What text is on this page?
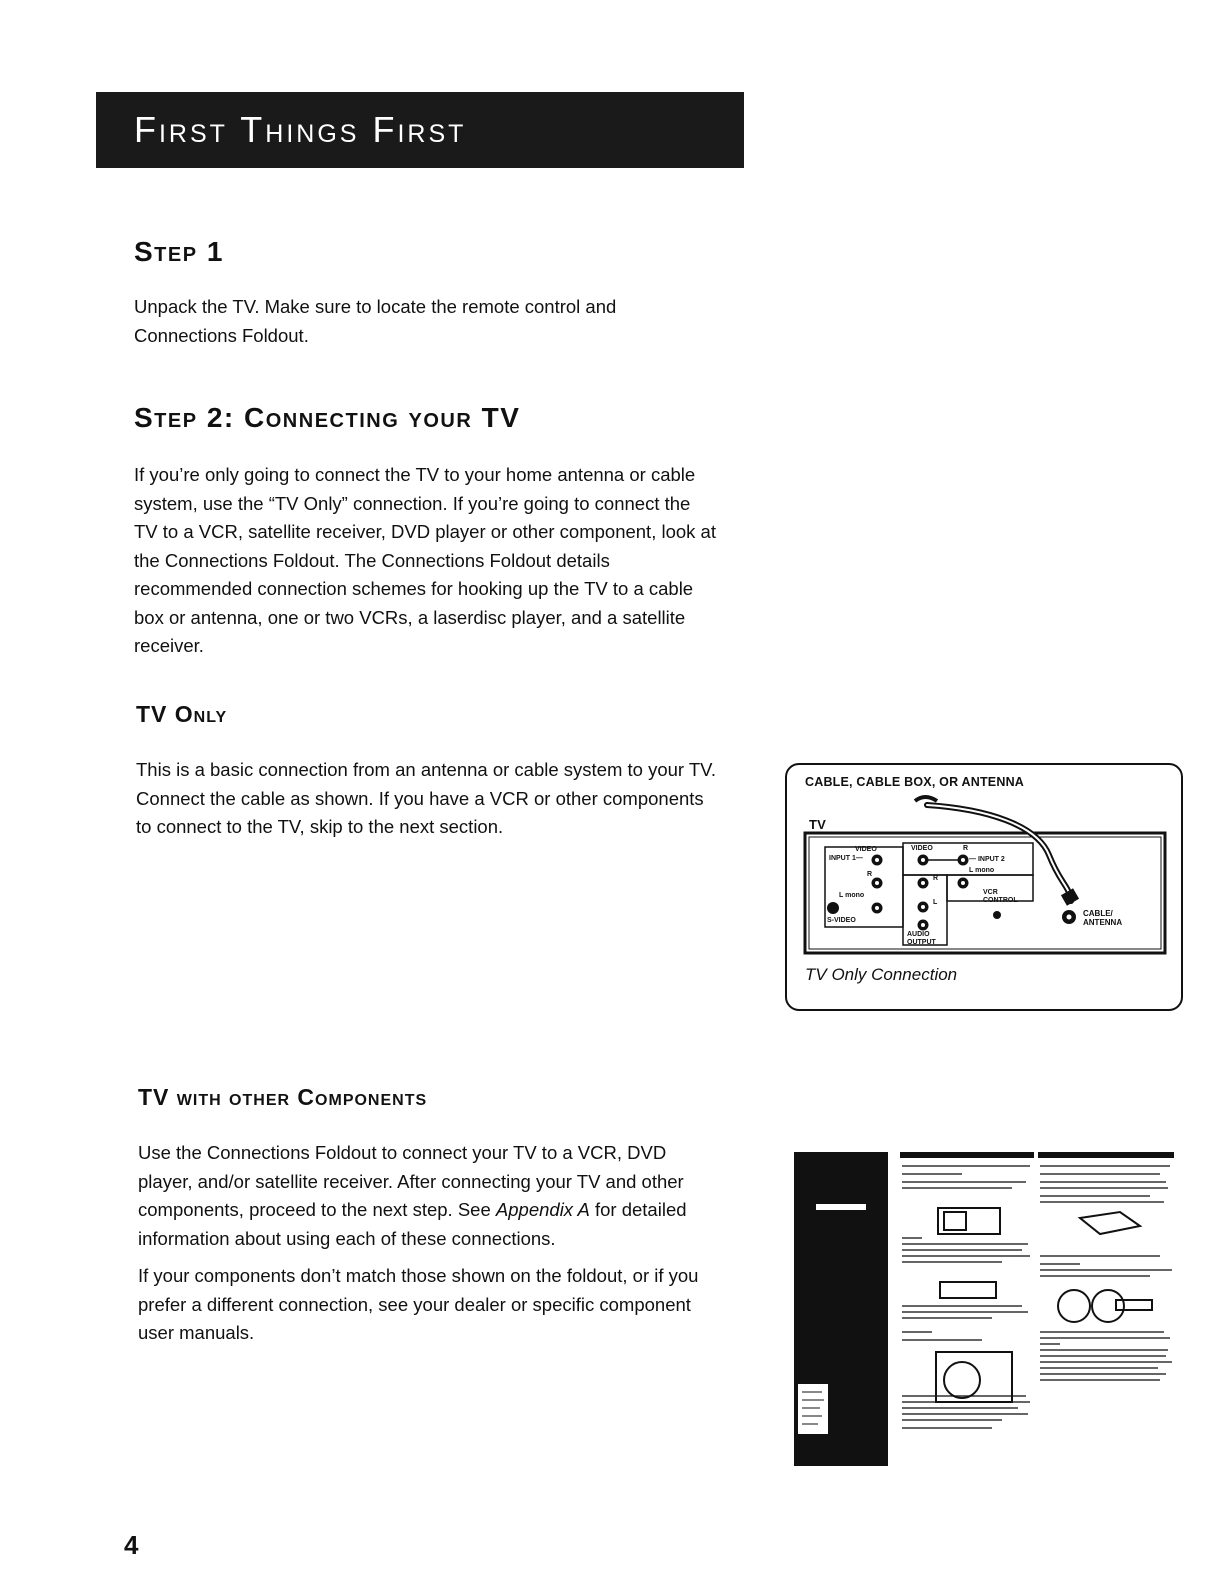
First Things First
Step 1

Unpack the TV. Make sure to locate the remote control and
Connections Foldout.

Step 2: Connecting your TV

If you’re only going to connect the TV to your home antenna or cable
system, use the “TV Only” connection. If you’re going to connect the
TV to a VCR, satellite receiver, DVD player or other component, look at
the Connections Foldout. The Connections Foldout details
recommended connection schemes for hooking up the TV to a cable
box or antenna, one or two VCRs, a laserdisc player, and a satellite
receiver.

TV Only

This is a basic connection from an antenna or cable system to your TV.
Connect the cable as shown. If you have a VCR or other components
to connect to the TV, skip to the next section.

CABLE, CABLE BOX, OR ANTENNA
TV
VIDEO
INPUT 1—
R
L mono
S-VIDEO
VIDEO	R
— INPUT 2
L mono
R
L
AUDIO OUTPUT
VCR CONTROL
CABLE/ ANTENNA
TV Only Connection
TV with other Components

Use the Connections Foldout to connect your TV to a VCR, DVD
player, and/or satellite receiver. After connecting your TV and other
components, proceed to the next step. See Appendix A for detailed
information about using each of these connections.

If your components don’t match those shown on the foldout, or if you
prefer a different connection, see your dealer or specific component
user manuals.

4
